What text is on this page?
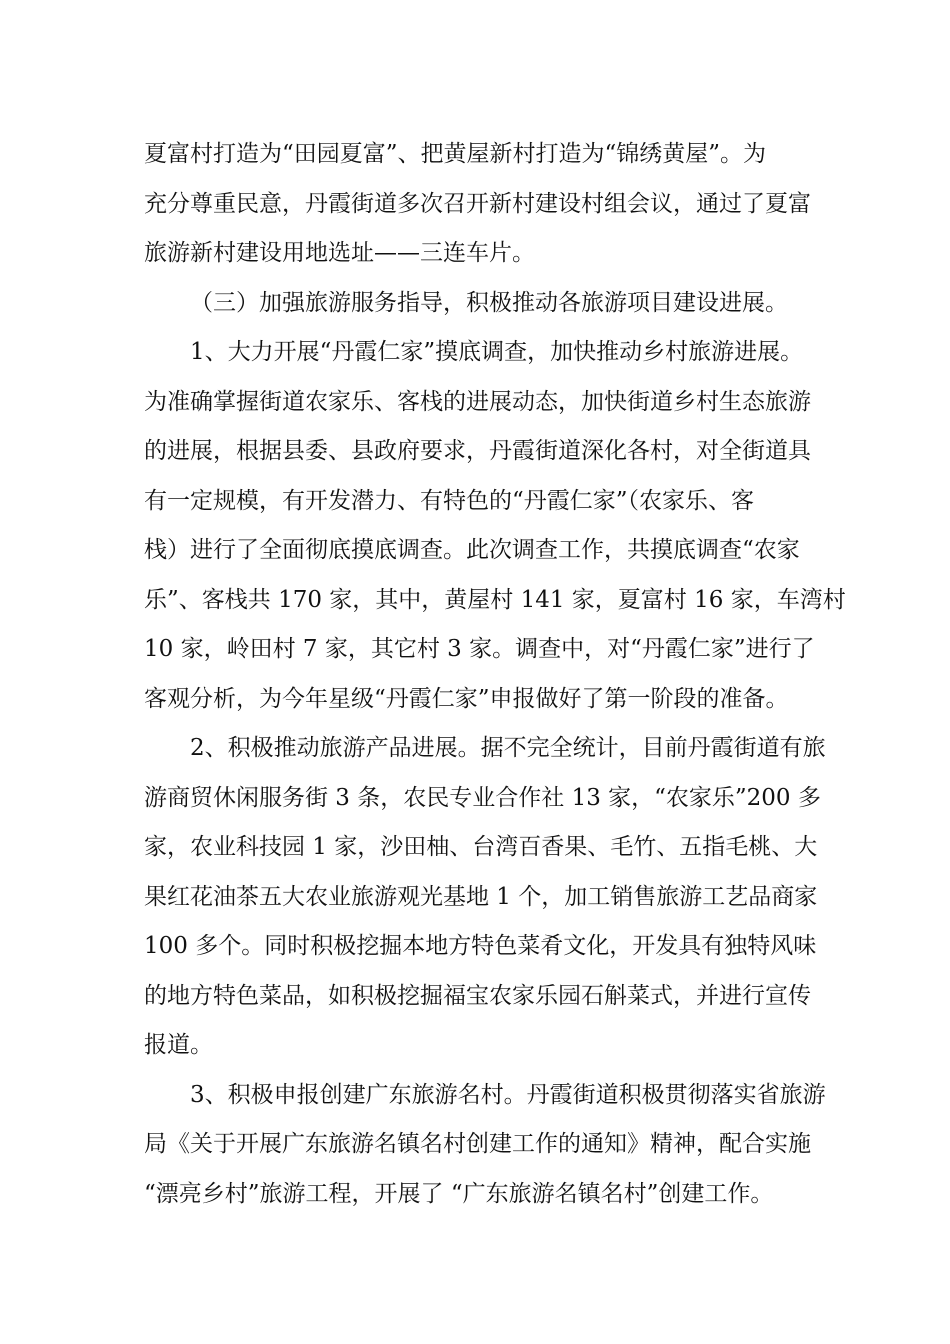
夏富村打造为“田园夏富”、把黄屋新村打造为“锦绣黄屋”。为
充分尊重民意，丹霞街道多次召开新村建设村组会议，通过了夏富
旅游新村建设用地选址——三连车片。
（三）加强旅游服务指导，积极推动各旅游项目建设进展。
1、大力开展“丹霞仁家”摸底调查，加快推动乡村旅游进展。
为准确掌握街道农家乐、客栈的进展动态，加快街道乡村生态旅游
的进展，根据县委、县政府要求，丹霞街道深化各村，对全街道具
有一定规模，有开发潜力、有特色的“丹霞仁家”（农家乐、客
栈）进行了全面彻底摸底调查。此次调查工作，共摸底调查“农家
乐”、客栈共 170 家，其中，黄屋村 141 家，夏富村 16 家，车湾村
10 家，岭田村 7 家，其它村 3 家。调查中，对“丹霞仁家”进行了
客观分析，为今年星级“丹霞仁家”申报做好了第一阶段的准备。
2、积极推动旅游产品进展。据不完全统计，目前丹霞街道有旅
游商贸休闲服务街 3 条，农民专业合作社 13 家，“农家乐”200 多
家，农业科技园 1 家，沙田柚、台湾百香果、毛竹、五指毛桃、大
果红花油茶五大农业旅游观光基地 1 个，加工销售旅游工艺品商家
100 多个。同时积极挖掘本地方特色菜肴文化，开发具有独特风味
的地方特色菜品，如积极挖掘福宝农家乐园石斛菜式，并进行宣传
报道。
3、积极申报创建广东旅游名村。丹霞街道积极贯彻落实省旅游
局《关于开展广东旅游名镇名村创建工作的通知》精神，配合实施
“漂亮乡村”旅游工程，开展了 “广东旅游名镇名村”创建工作。
